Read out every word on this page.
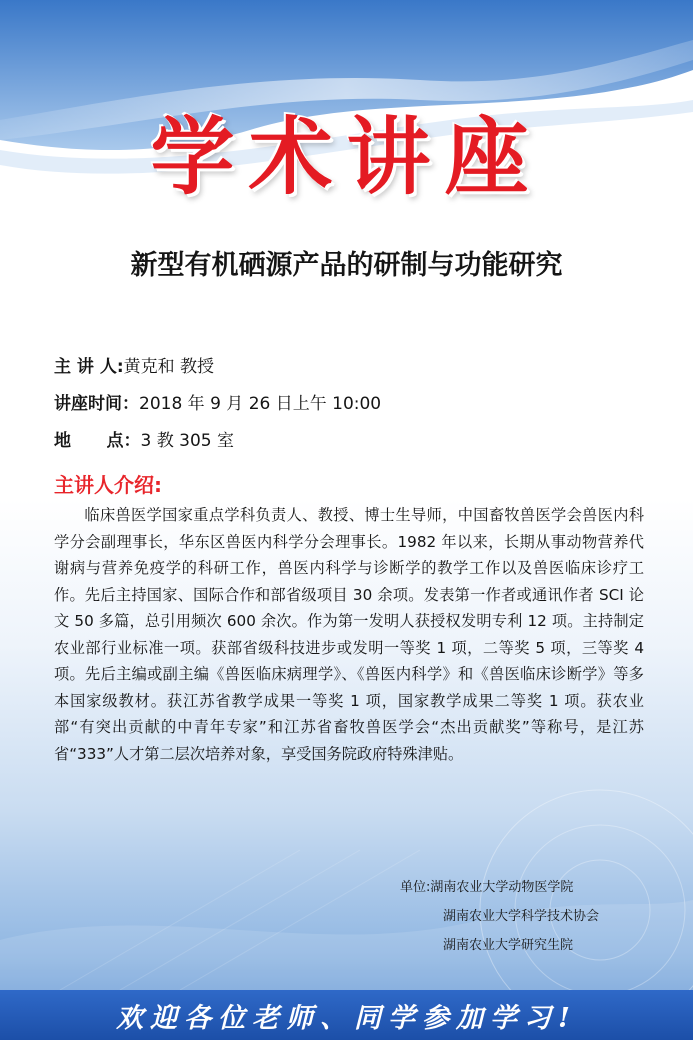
学术讲座
新型有机硒源产品的研制与功能研究
主 讲 人:黄克和 教授
讲座时间：2018 年 9 月 26 日上午 10:00
地      点：3 教 305 室
主讲人介绍:

临床兽医学国家重点学科负责人、教授、博士生导师，中国畜牧兽医学会兽医内科学分会副理事长，华东区兽医内科学分会理事长。1982 年以来，长期从事动物营养代谢病与营养免疫学的科研工作，兽医内科学与诊断学的教学工作以及兽医临床诊疗工作。先后主持国家、国际合作和部省级项目 30 余项。发表第一作者或通讯作者 SCI 论文 50 多篇，总引用频次 600 余次。作为第一发明人获授权发明专利 12 项。主持制定农业部行业标准一项。获部省级科技进步或发明一等奖 1 项，二等奖 5 项，三等奖 4 项。先后主编或副主编《兽医临床病理学》、《兽医内科学》和《兽医临床诊断学》等多本国家级教材。获江苏省教学成果一等奖 1 项，国家教学成果二等奖 1 项。获农业部“有突出贡献的中青年专家”和江苏省畜牧兽医学会“杰出贡献奖”等称号，是江苏省“333”人才第二层次培养对象，享受国务院政府特殊津贴。

单位:湖南农业大学动物医学院
湖南农业大学科学技术协会
湖南农业大学研究生院
欢迎各位老师、同学参加学习!
